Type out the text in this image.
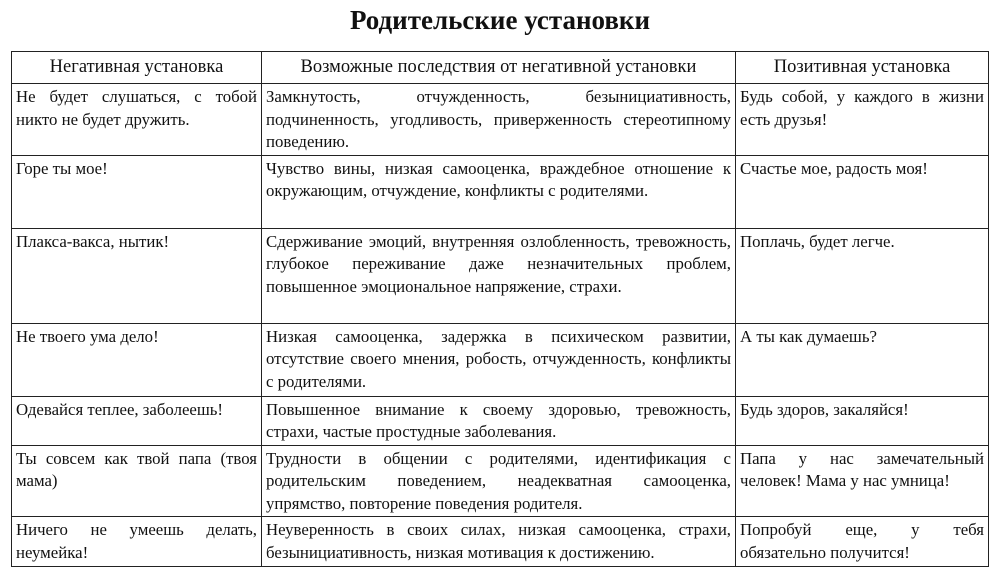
Родительские установки
Негативная установка	Возможные последствия от негативной установки	Позитивная установка
Не будет слушаться, с тобой никто не будет дружить.	Замкнутость, отчужденность, безынициативность, подчиненность, угодливость, приверженность стереотипному поведению.	Будь собой, у каждого в жизни есть друзья!
Горе ты мое!	Чувство вины, низкая самооценка, враждебное отношение к окружающим, отчуждение, конфликты с родителями.	Счастье мое, радость моя!
Плакса-вакса, нытик!	Сдерживание эмоций, внутренняя озлобленность, тревожность, глубокое переживание даже незначительных проблем, повышенное эмоциональное напряжение, страхи.	Поплачь, будет легче.
Не твоего ума дело!	Низкая самооценка, задержка в психическом развитии, отсутствие своего мнения, робость, отчужденность, конфликты с родителями.	А ты как думаешь?
Одевайся теплее, заболеешь!	Повышенное внимание к своему здоровью, тревожность, страхи, частые простудные заболевания.	Будь здоров, закаляйся!
Ты совсем как твой папа (твоя мама)	Трудности в общении с родителями, идентификация с родительским поведением, неадекватная самооценка, упрямство, повторение поведения родителя.	Папа у нас замечательный человек! Мама у нас умница!
Ничего не умеешь делать, неумейка!	Неуверенность в своих силах, низкая самооценка, страхи, безынициативность, низкая мотивация к достижению.	Попробуй еще, у тебя обязательно получится!
